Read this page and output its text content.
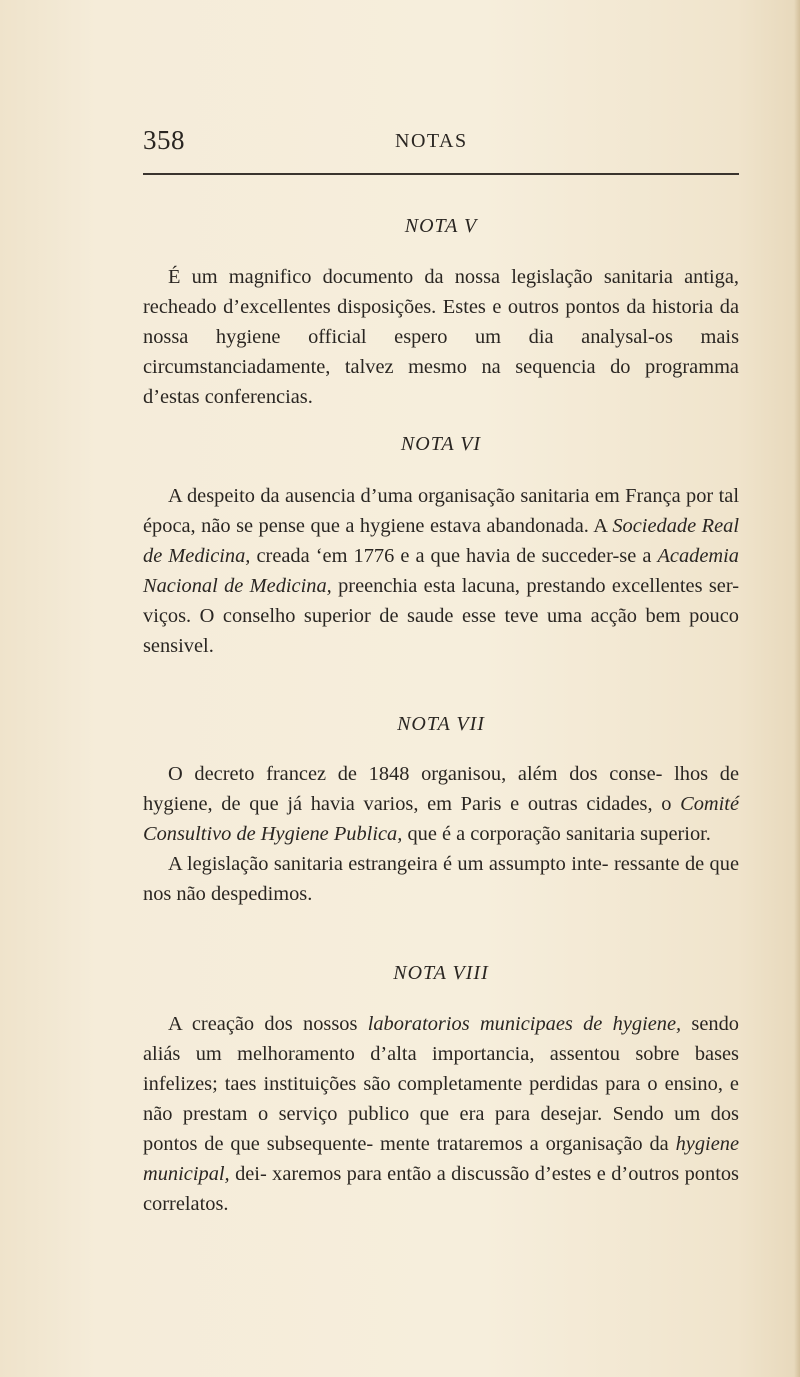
358	NOTAS
NOTA V

É um magnifico documento da nossa legislação sanitaria antiga, recheado d’excellentes disposições. Estes e outros pontos da historia da nossa hygiene official espero um dia analysal-os mais circumstanciadamente, talvez mesmo na sequencia do programma d’estas conferencias.

NOTA VI

A despeito da ausencia d’uma organisação sanitaria em França por tal época, não se pense que a hygiene estava abandonada. A Sociedade Real de Medicina, creada ‘em 1776 e a que havia de succeder-se a Academia Nacional de Medicina, preenchia esta lacuna, prestando excellentes ser- viços. O conselho superior de saude esse teve uma acção bem pouco sensivel.

NOTA VII

O decreto francez de 1848 organisou, além dos conse- lhos de hygiene, de que já havia varios, em Paris e outras cidades, o Comité Consultivo de Hygiene Publica, que é a corporação sanitaria superior.

A legislação sanitaria estrangeira é um assumpto inte- ressante de que nos não despedimos.

NOTA VIII

A creação dos nossos laboratorios municipaes de hygiene, sendo aliás um melhoramento d’alta importancia, assentou sobre bases infelizes; taes instituições são completamente perdidas para o ensino, e não prestam o serviço publico que era para desejar. Sendo um dos pontos de que subsequente- mente trataremos a organisação da hygiene municipal, dei- xaremos para então a discussão d’estes e d’outros pontos correlatos.
